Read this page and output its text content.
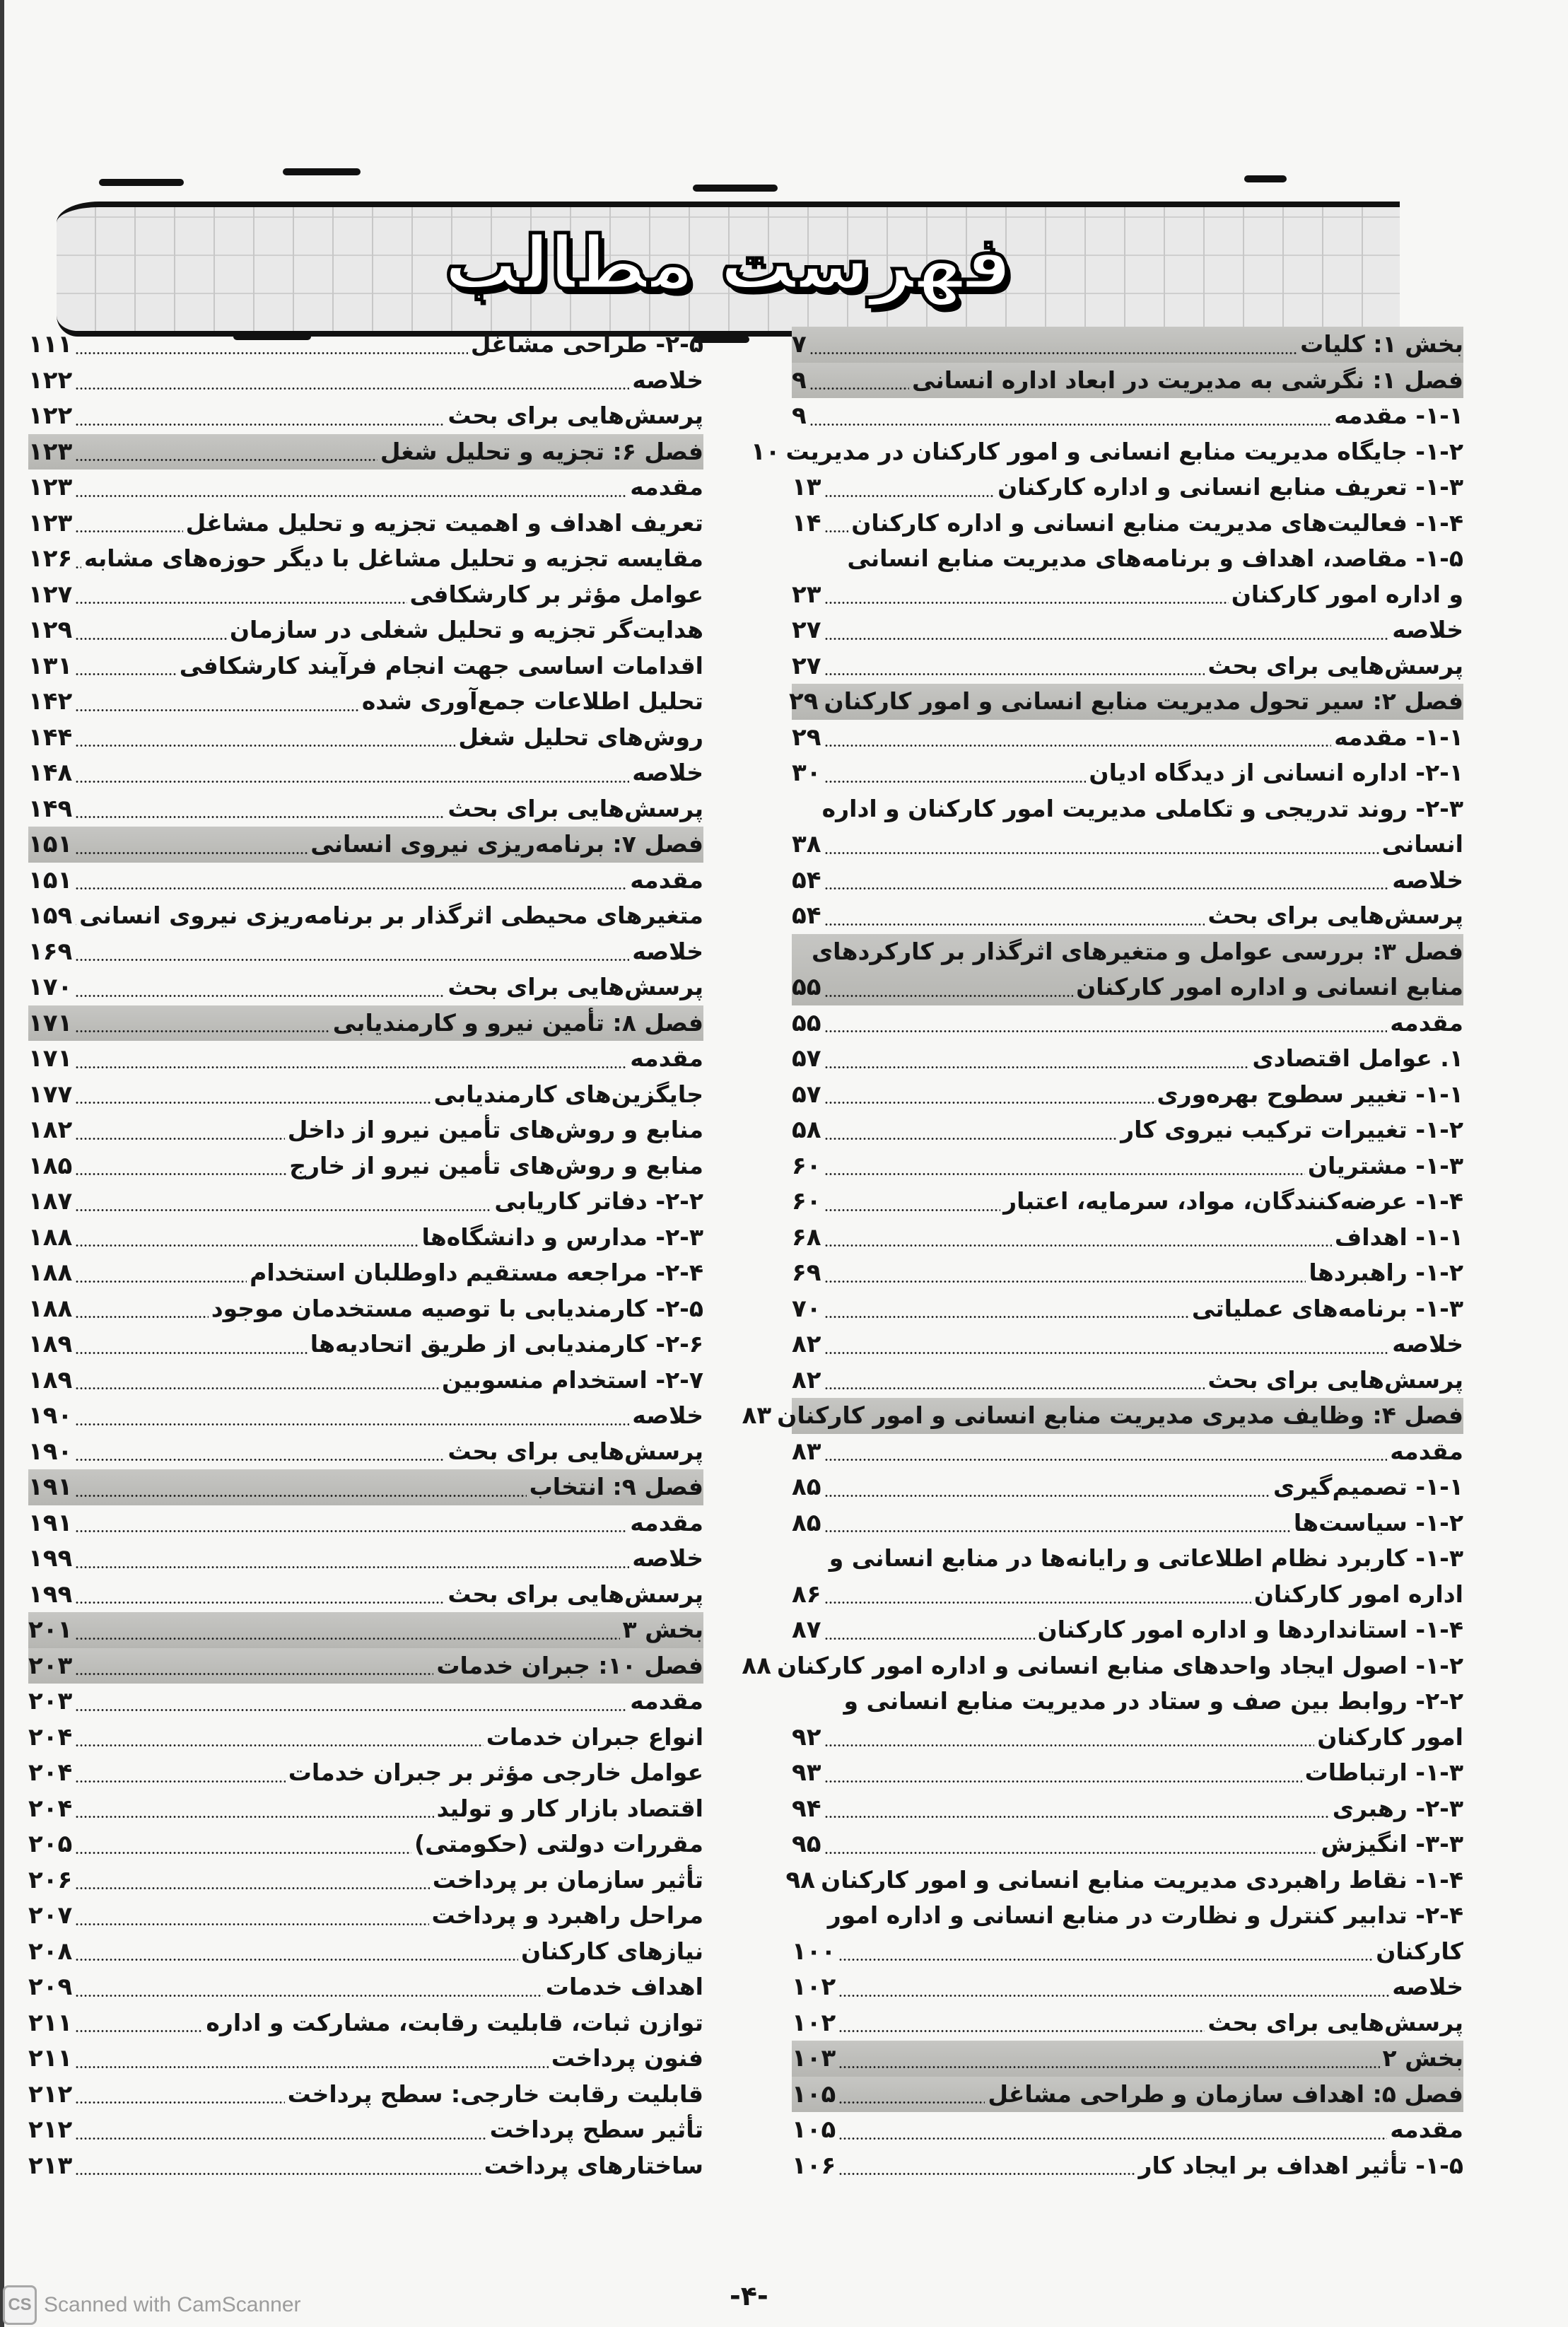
فهرست مطالب
بخش ۱: کلیات
۷
فصل ۱: نگرشی به مدیریت در ابعاد اداره انسانی
۹
۱-۱- مقدمه
۹
۱-۲- جایگاه مدیریت منابع انسانی و امور کارکنان در مدیریت
۱۰
۱-۳- تعریف منابع انسانی و اداره کارکنان
۱۳
۱-۴- فعالیت‌های مدیریت منابع انسانی و اداره کارکنان
۱۴
۱-۵- مقاصد، اهداف و برنامه‌های مدیریت منابع انسانی
و اداره امور کارکنان
۲۳
خلاصه
۲۷
پرسش‌هایی برای بحث
۲۷
فصل ۲: سیر تحول مدیریت منابع انسانی و امور کارکنان
۲۹
۱-۱- مقدمه
۲۹
۲-۱- اداره انسانی از دیدگاه ادیان
۳۰
۲-۳- روند تدریجی و تکاملی مدیریت امور کارکنان و اداره
انسانی
۳۸
خلاصه
۵۴
پرسش‌هایی برای بحث
۵۴
فصل ۳: بررسی عوامل و متغیرهای اثرگذار بر کارکردهای
منابع انسانی و اداره امور کارکنان
۵۵
مقدمه
۵۵
۱. عوامل اقتصادی
۵۷
۱-۱- تغییر سطوح بهره‌وری
۵۷
۱-۲- تغییرات ترکیب نیروی کار
۵۸
۱-۳- مشتریان
۶۰
۱-۴- عرضه‌کنندگان، مواد، سرمایه، اعتبار
۶۰
۱-۱- اهداف
۶۸
۱-۲- راهبردها
۶۹
۱-۳- برنامه‌های عملیاتی
۷۰
خلاصه
۸۲
پرسش‌هایی برای بحث
۸۲
فصل ۴: وظایف مدیری مدیریت منابع انسانی و امور کارکنان
۸۳
مقدمه
۸۳
۱-۱- تصمیم‌گیری
۸۵
۱-۲- سیاست‌ها
۸۵
۱-۳- کاربرد نظام اطلاعاتی و رایانه‌ها در منابع انسانی و
اداره امور کارکنان
۸۶
۱-۴- استانداردها و اداره امور کارکنان
۸۷
۱-۲- اصول ایجاد واحدهای منابع انسانی و اداره امور کارکنان
۸۸
۲-۲- روابط بین صف و ستاد در مدیریت منابع انسانی و
امور کارکنان
۹۲
۱-۳- ارتباطات
۹۳
۲-۳- رهبری
۹۴
۳-۳- انگیزش
۹۵
۱-۴- نقاط راهبردی مدیریت منابع انسانی و امور کارکنان
۹۸
۲-۴- تدابیر کنترل و نظارت در منابع انسانی و اداره امور
کارکنان
۱۰۰
خلاصه
۱۰۲
پرسش‌هایی برای بحث
۱۰۲
بخش ۲
۱۰۳
فصل ۵: اهداف سازمان و طراحی مشاغل
۱۰۵
مقدمه
۱۰۵
۱-۵- تأثیر اهداف بر ایجاد کار
۱۰۶
۲-۵- طراحی مشاغل
۱۱۱
خلاصه
۱۲۲
پرسش‌هایی برای بحث
۱۲۲
فصل ۶: تجزیه و تحلیل شغل
۱۲۳
مقدمه
۱۲۳
تعریف اهداف و اهمیت تجزیه و تحلیل مشاغل
۱۲۳
مقایسه تجزیه و تحلیل مشاغل با دیگر حوزه‌های مشابه
۱۲۶
عوامل مؤثر بر کارشکافی
۱۲۷
هدایت‌گر تجزیه و تحلیل شغلی در سازمان
۱۲۹
اقدامات اساسی جهت انجام فرآیند کارشکافی
۱۳۱
تحلیل اطلاعات جمع‌آوری شده
۱۴۲
روش‌های تحلیل شغل
۱۴۴
خلاصه
۱۴۸
پرسش‌هایی برای بحث
۱۴۹
فصل ۷: برنامه‌ریزی نیروی انسانی
۱۵۱
مقدمه
۱۵۱
متغیرهای محیطی اثرگذار بر برنامه‌ریزی نیروی انسانی
۱۵۹
خلاصه
۱۶۹
پرسش‌هایی برای بحث
۱۷۰
فصل ۸: تأمین نیرو و کارمندیابی
۱۷۱
مقدمه
۱۷۱
جایگزین‌های کارمندیابی
۱۷۷
منابع و روش‌های تأمین نیرو از داخل
۱۸۲
منابع و روش‌های تأمین نیرو از خارج
۱۸۵
۲-۲- دفاتر کاریابی
۱۸۷
۲-۳- مدارس و دانشگاه‌ها
۱۸۸
۲-۴- مراجعه مستقیم داوطلبان استخدام
۱۸۸
۲-۵- کارمندیابی با توصیه مستخدمان موجود
۱۸۸
۲-۶- کارمندیابی از طریق اتحادیه‌ها
۱۸۹
۲-۷- استخدام منسوبین
۱۸۹
خلاصه
۱۹۰
پرسش‌هایی برای بحث
۱۹۰
فصل ۹: انتخاب
۱۹۱
مقدمه
۱۹۱
خلاصه
۱۹۹
پرسش‌هایی برای بحث
۱۹۹
بخش ۳
۲۰۱
فصل ۱۰: جبران خدمات
۲۰۳
مقدمه
۲۰۳
انواع جبران خدمات
۲۰۴
عوامل خارجی مؤثر بر جبران خدمات
۲۰۴
اقتصاد بازار کار و تولید
۲۰۴
مقررات دولتی (حکومتی)
۲۰۵
تأثیر سازمان بر پرداخت
۲۰۶
مراحل راهبرد و پرداخت
۲۰۷
نیازهای کارکنان
۲۰۸
اهداف خدمات
۲۰۹
توازن ثبات، قابلیت رقابت، مشارکت و اداره
۲۱۱
فنون پرداخت
۲۱۱
قابلیت رقابت خارجی: سطح پرداخت
۲۱۲
تأثیر سطح پرداخت
۲۱۲
ساختارهای پرداخت
۲۱۳
-۴-
CS Scanned with CamScanner
